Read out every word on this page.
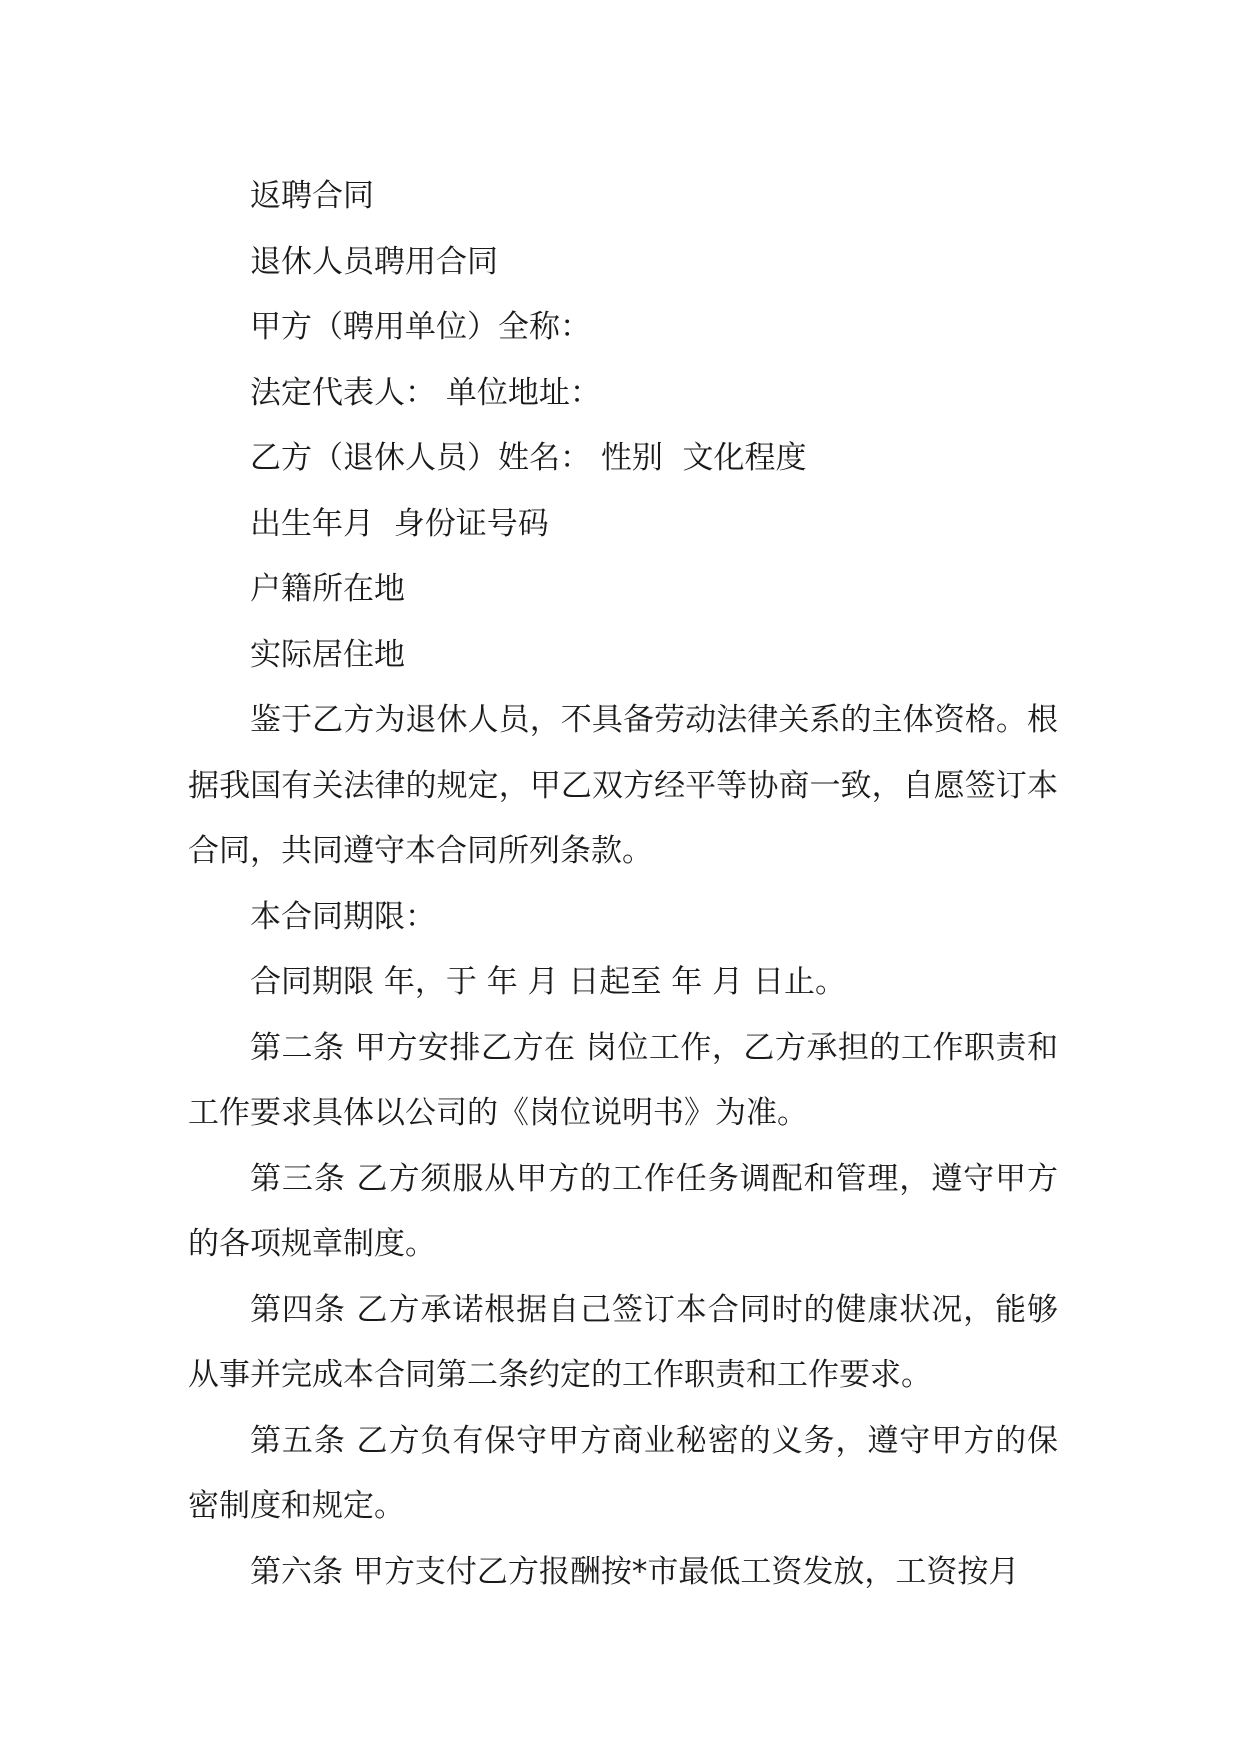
返聘合同

退休人员聘用合同

甲方（聘用单位）全称：

法定代表人： 单位地址：

乙方（退休人员）姓名： 性别  文化程度

出生年月  身份证号码

户籍所在地

实际居住地

鉴于乙方为退休人员，不具备劳动法律关系的主体资格。根据我国有关法律的规定，甲乙双方经平等协商一致，自愿签订本合同，共同遵守本合同所列条款。

本合同期限：

合同期限 年，于 年 月 日起至 年 月 日止。

第二条 甲方安排乙方在 岗位工作，乙方承担的工作职责和工作要求具体以公司的《岗位说明书》为准。

第三条 乙方须服从甲方的工作任务调配和管理，遵守甲方的各项规章制度。

第四条 乙方承诺根据自己签订本合同时的健康状况，能够从事并完成本合同第二条约定的工作职责和工作要求。

第五条 乙方负有保守甲方商业秘密的义务，遵守甲方的保密制度和规定。

第六条 甲方支付乙方报酬按*市最低工资发放，工资按月
